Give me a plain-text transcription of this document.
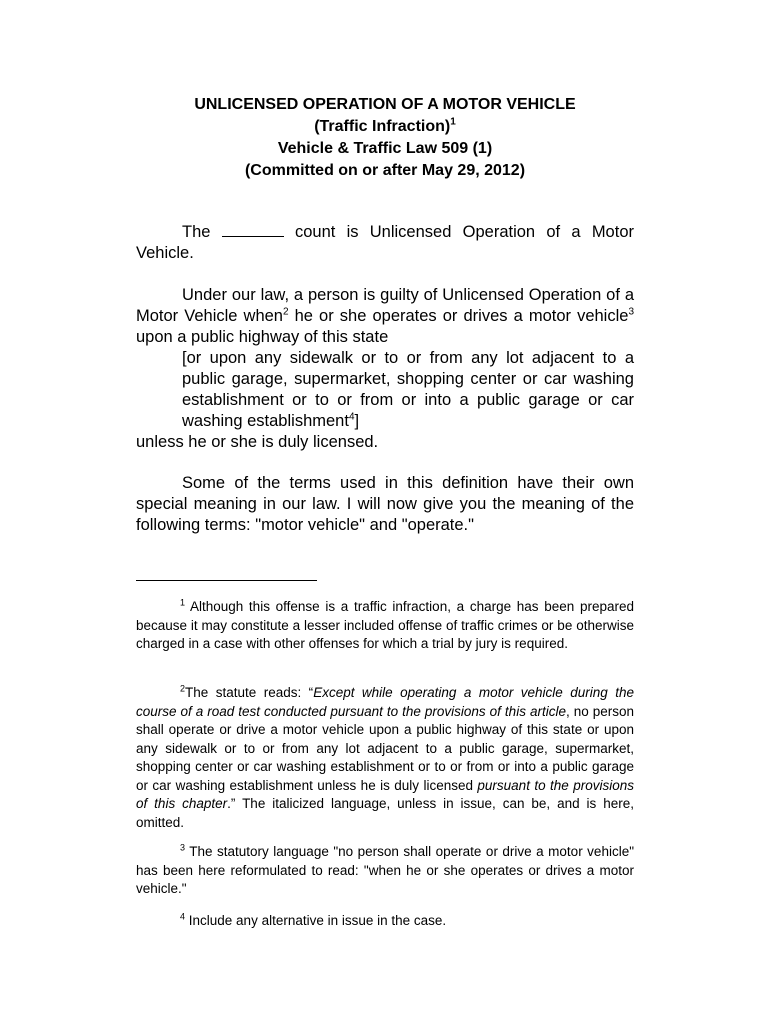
UNLICENSED OPERATION OF A MOTOR VEHICLE
(Traffic Infraction)$^1$
Vehicle & Traffic Law 509 (1)
(Committed on or after May 29, 2012)

The	count is Unlicensed Operation of a Motor Vehicle.

Under our law, a person is guilty of Unlicensed Operation of a Motor Vehicle when$^2$ he or she operates or drives a motor vehicle$^3$ upon a public highway of this state

[or upon any sidewalk or to or from any lot adjacent to a public garage, supermarket, shopping center or car washing establishment or to or from or into a public garage or car washing establishment$^4$]

unless he or she is duly licensed.

Some of the terms used in this definition have their own special meaning in our law. I will now give you the meaning of the following terms: "motor vehicle" and "operate."

$^1$ Although this offense is a traffic infraction, a charge has been prepared because it may constitute a lesser included offense of traffic crimes or be otherwise charged in a case with other offenses for which a trial by jury is required.

$^2$The statute reads: “Except while operating a motor vehicle during the course of a road test conducted pursuant to the provisions of this article, no person shall operate or drive a motor vehicle upon a public highway of this state or upon any sidewalk or to or from any lot adjacent to a public garage, supermarket, shopping center or car washing establishment or to or from or into a public garage or car washing establishment unless he is duly licensed pursuant to the provisions of this chapter.” The italicized language, unless in issue, can be, and is here, omitted.

$^3$ The statutory language "no person shall operate or drive a motor vehicle" has been here reformulated to read: "when he or she operates or drives a motor vehicle."

$^4$ Include any alternative in issue in the case.
